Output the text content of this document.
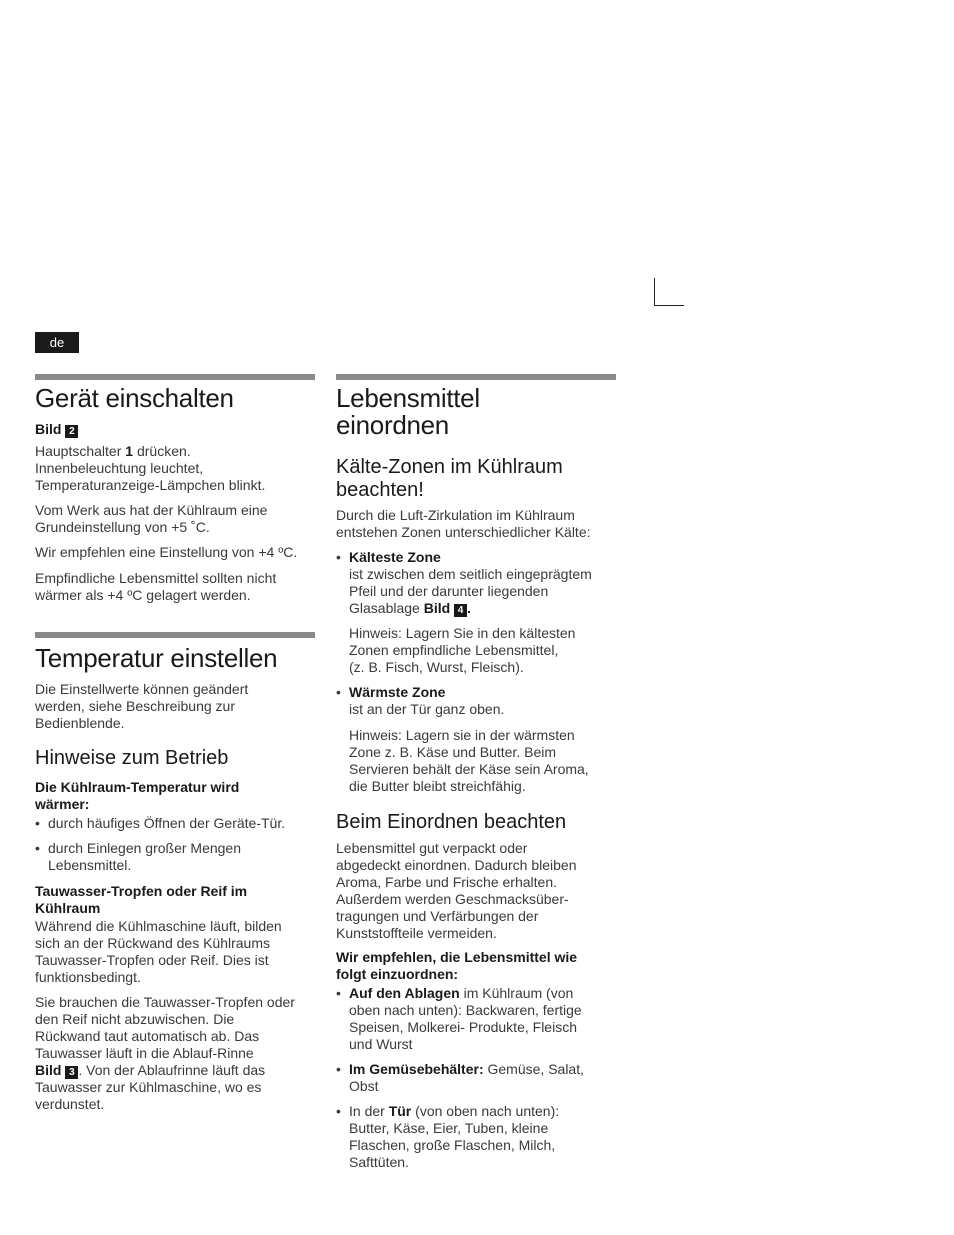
de
Gerät einschalten
Bild 2
Hauptschalter 1 drücken.
Innenbeleuchtung leuchtet,
Temperaturanzeige-Lämpchen blinkt.
Vom Werk aus hat der Kühlraum eine
Grundeinstellung von +5 ˚C.
Wir empfehlen eine Einstellung von +4 ºC.
Empfindliche Lebensmittel sollten nicht
wärmer als +4 ºC gelagert werden.
Temperatur einstellen
Die Einstellwerte können geändert
werden, siehe Beschreibung zur
Bedienblende.
Hinweise zum Betrieb
Die Kühlraum-Temperatur wird
wärmer:
• durch häufiges Öffnen der Geräte-Tür.
• durch Einlegen großer Mengen
Lebensmittel.
Tauwasser-Tropfen oder Reif im
Kühlraum
Während die Kühlmaschine läuft, bilden
sich an der Rückwand des Kühlraums
Tauwasser-Tropfen oder Reif. Dies ist
funktionsbedingt.
Sie brauchen die Tauwasser-Tropfen oder
den Reif nicht abzuwischen. Die
Rückwand taut automatisch ab. Das
Tauwasser läuft in die Ablauf-Rinne
Bild 3 . Von der Ablaufrinne läuft das
Tauwasser zur Kühlmaschine, wo es
verdunstet.
Lebensmittel
einordnen
Kälte-Zonen im Kühlraum
beachten!
Durch die Luft-Zirkulation im Kühlraum
entstehen Zonen unterschiedlicher Kälte:
• Kälteste Zone
ist zwischen dem seitlich eingeprägtem
Pfeil und der darunter liegenden
Glasablage Bild 4 .
Hinweis: Lagern Sie in den kältesten
Zonen empfindliche Lebensmittel,
(z. B. Fisch, Wurst, Fleisch).
• Wärmste Zone
ist an der Tür ganz oben.
Hinweis: Lagern sie in der wärmsten
Zone z. B. Käse und Butter. Beim
Servieren behält der Käse sein Aroma,
die Butter bleibt streichfähig.
Beim Einordnen beachten
Lebensmittel gut verpackt oder
abgedeckt einordnen. Dadurch bleiben
Aroma, Farbe und Frische erhalten.
Außerdem werden Geschmacksüber-
tragungen und Verfärbungen der
Kunststoffteile vermeiden.
Wir empfehlen, die Lebensmittel wie
folgt einzuordnen:
• Auf den Ablagen im Kühlraum (von
oben nach unten): Backwaren, fertige
Speisen, Molkerei- Produkte, Fleisch
und Wurst
• Im Gemüsebehälter: Gemüse, Salat,
Obst
• In der Tür (von oben nach unten):
Butter, Käse, Eier, Tuben, kleine
Flaschen, große Flaschen, Milch,
Safttüten.
